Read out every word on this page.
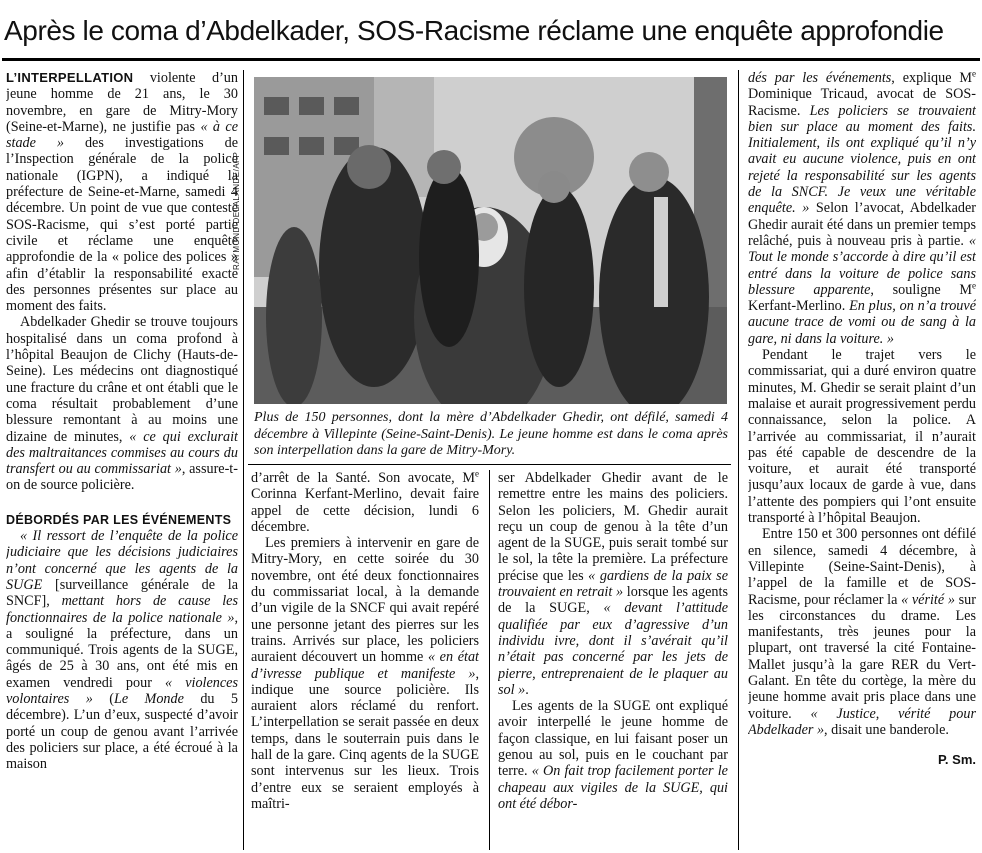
Après le coma d’Abdelkader, SOS-Racisme réclame une enquête approfondie

L’INTERPELLATION violente d’un jeune homme de 21 ans, le 30 novembre, en gare de Mitry-Mory (Seine-et-Marne), ne justifie pas « à ce stade » des investigations de l’Inspection générale de la police nationale (IGPN), a indiqué la préfecture de Seine-et-Marne, samedi 4 décembre. Un point de vue que conteste SOS-Racisme, qui s’est porté partie civile et réclame une enquête approfondie de la « police des polices » afin d’établir la responsabilité exacte des personnes présentes sur place au moment des faits.

Abdelkader Ghedir se trouve toujours hospitalisé dans un coma profond à l’hôpital Beaujon de Clichy (Hauts-de-Seine). Les médecins ont diagnostiqué une fracture du crâne et ont établi que le coma résultait probablement d’une blessure remontant à au moins une dizaine de minutes, « ce qui exclurait des maltraitances commises au cours du transfert ou au commissariat », assure-t-on de source policière.

DÉBORDÉS PAR LES ÉVÉNEMENTS

« Il ressort de l’enquête de la police judiciaire que les décisions judiciaires n’ont concerné que les agents de la SUGE [surveillance générale de la SNCF], mettant hors de cause les fonctionnaires de la police nationale », a souligné la préfecture, dans un communiqué. Trois agents de la SUGE, âgés de 25 à 30 ans, ont été mis en examen vendredi pour « violences volontaires » (Le Monde du 5 décembre). L’un d’eux, suspecté d’avoir porté un coup de genou avant l’arrivée des policiers sur place, a été écroué à la maison

RAYMOND DELALANDE/AFP
Plus de 150 personnes, dont la mère d’Abdelkader Ghedir, ont défilé, samedi 4 décembre à Villepinte (Seine-Saint-Denis). Le jeune homme est dans le coma après son interpellation dans la gare de Mitry-Mory.

d’arrêt de la Santé. Son avocate, Me Corinna Kerfant-Merlino, devait faire appel de cette décision, lundi 6 décembre.

Les premiers à intervenir en gare de Mitry-Mory, en cette soirée du 30 novembre, ont été deux fonctionnaires du commissariat local, à la demande d’un vigile de la SNCF qui avait repéré une personne jetant des pierres sur les trains. Arrivés sur place, les policiers auraient découvert un homme « en état d’ivresse publique et manifeste », indique une source policière. Ils auraient alors réclamé du renfort. L’interpellation se serait passée en deux temps, dans le souterrain puis dans le hall de la gare. Cinq agents de la SUGE sont intervenus sur les lieux. Trois d’entre eux se seraient employés à maîtri-

ser Abdelkader Ghedir avant de le remettre entre les mains des policiers. Selon les policiers, M. Ghedir aurait reçu un coup de genou à la tête d’un agent de la SUGE, puis serait tombé sur le sol, la tête la première. La préfecture précise que les « gardiens de la paix se trouvaient en retrait » lorsque les agents de la SUGE, « devant l’attitude qualifiée par eux d’agressive d’un individu ivre, dont il s’avérait qu’il n’était pas concerné par les jets de pierre, entreprenaient de le plaquer au sol ».

Les agents de la SUGE ont expliqué avoir interpellé le jeune homme de façon classique, en lui faisant poser un genou au sol, puis en le couchant par terre. « On fait trop facilement porter le chapeau aux vigiles de la SUGE, qui ont été débor-

dés par les événements, explique Me Dominique Tricaud, avocat de SOS-Racisme. Les policiers se trouvaient bien sur place au moment des faits. Initialement, ils ont expliqué qu’il n’y avait eu aucune violence, puis en ont rejeté la responsabilité sur les agents de la SNCF. Je veux une véritable enquête. » Selon l’avocat, Abdelkader Ghedir aurait été dans un premier temps relâché, puis à nouveau pris à partie. « Tout le monde s’accorde à dire qu’il est entré dans la voiture de police sans blessure apparente, souligne Me Kerfant-Merlino. En plus, on n’a trouvé aucune trace de vomi ou de sang à la gare, ni dans la voiture. »

Pendant le trajet vers le commissariat, qui a duré environ quatre minutes, M. Ghedir se serait plaint d’un malaise et aurait progressivement perdu connaissance, selon la police. A l’arrivée au commissariat, il n’aurait pas été capable de descendre de la voiture, et aurait été transporté jusqu’aux locaux de garde à vue, dans l’attente des pompiers qui l’ont ensuite transporté à l’hôpital Beaujon.

Entre 150 et 300 personnes ont défilé en silence, samedi 4 décembre, à Villepinte (Seine-Saint-Denis), à l’appel de la famille et de SOS-Racisme, pour réclamer la « vérité » sur les circonstances du drame. Les manifestants, très jeunes pour la plupart, ont traversé la cité Fontaine-Mallet jusqu’à la gare RER du Vert-Galant. En tête du cortège, la mère du jeune homme avait pris place dans une voiture. « Justice, vérité pour Abdelkader », disait une banderole.

P. Sm.
